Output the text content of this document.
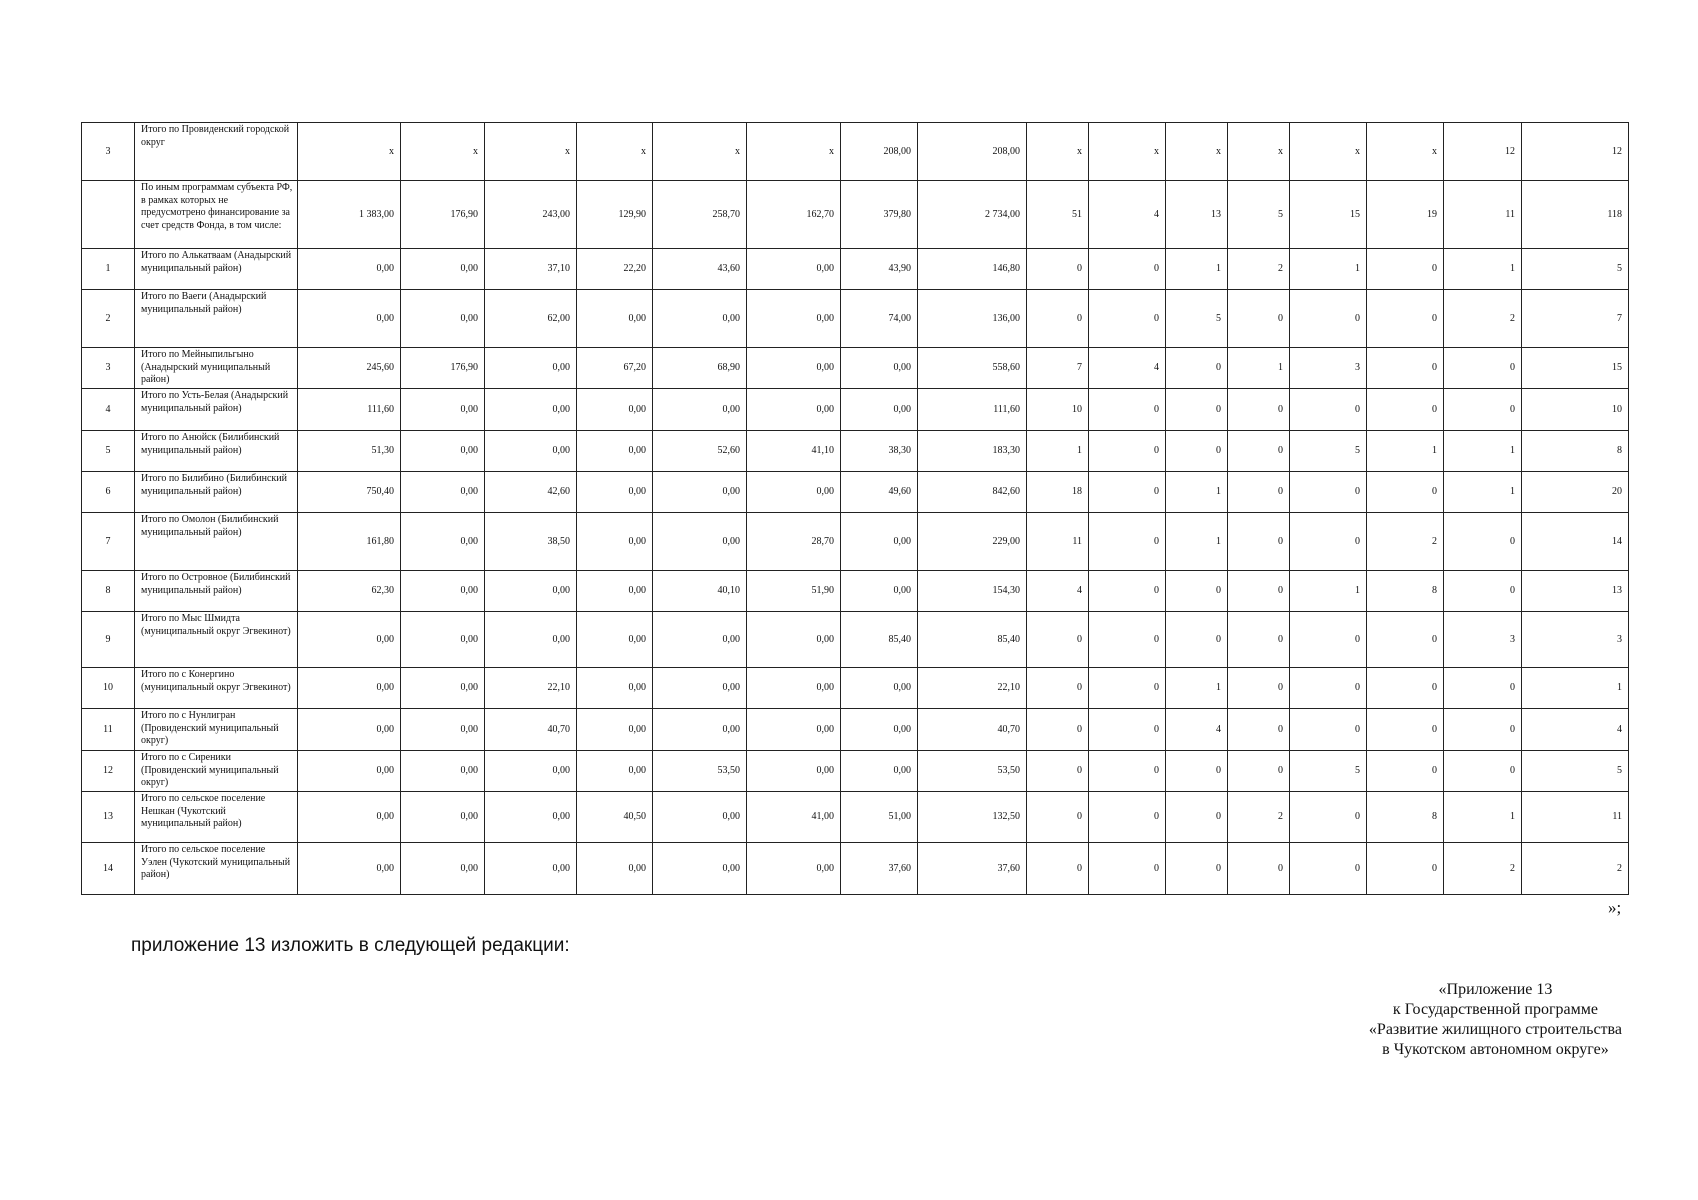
3	Итого по Провиденский городской округ	x	x	x	x	x	x	208,00	208,00	x	x	x	x	x	x	12	12
	По иным программам субъекта РФ, в рамках которых не предусмотрено финансирование за счет средств Фонда, в том числе:	1 383,00	176,90	243,00	129,90	258,70	162,70	379,80	2 734,00	51	4	13	5	15	19	11	118
1	Итого по Алькатваам (Анадырский муниципальный район)	0,00	0,00	37,10	22,20	43,60	0,00	43,90	146,80	0	0	1	2	1	0	1	5
2	Итого по Ваеги (Анадырский муниципальный район)	0,00	0,00	62,00	0,00	0,00	0,00	74,00	136,00	0	0	5	0	0	0	2	7
3	Итого по Мейныпильгыно (Анадырский муниципальный район)	245,60	176,90	0,00	67,20	68,90	0,00	0,00	558,60	7	4	0	1	3	0	0	15
4	Итого по Усть-Белая (Анадырский муниципальный район)	111,60	0,00	0,00	0,00	0,00	0,00	0,00	111,60	10	0	0	0	0	0	0	10
5	Итого по Анюйск (Билибинский муниципальный район)	51,30	0,00	0,00	0,00	52,60	41,10	38,30	183,30	1	0	0	0	5	1	1	8
6	Итого по Билибино (Билибинский муниципальный район)	750,40	0,00	42,60	0,00	0,00	0,00	49,60	842,60	18	0	1	0	0	0	1	20
7	Итого по Омолон (Билибинский муниципальный район)	161,80	0,00	38,50	0,00	0,00	28,70	0,00	229,00	11	0	1	0	0	2	0	14
8	Итого по Островное (Билибинский муниципальный район)	62,30	0,00	0,00	0,00	40,10	51,90	0,00	154,30	4	0	0	0	1	8	0	13
9	Итого по Мыс Шмидта (муниципальный округ Эгвекинот)	0,00	0,00	0,00	0,00	0,00	0,00	85,40	85,40	0	0	0	0	0	0	3	3
10	Итого по с Конергино (муниципальный округ Эгвекинот)	0,00	0,00	22,10	0,00	0,00	0,00	0,00	22,10	0	0	1	0	0	0	0	1
11	Итого по с Нунлигран (Провиденский муниципальный округ)	0,00	0,00	40,70	0,00	0,00	0,00	0,00	40,70	0	0	4	0	0	0	0	4
12	Итого по с Сиреники (Провиденский муниципальный округ)	0,00	0,00	0,00	0,00	53,50	0,00	0,00	53,50	0	0	0	0	5	0	0	5
13	Итого по сельское поселение Нешкан (Чукотский муниципальный район)	0,00	0,00	0,00	40,50	0,00	41,00	51,00	132,50	0	0	0	2	0	8	1	11
14	Итого по сельское поселение Уэлен (Чукотский муниципальный район)	0,00	0,00	0,00	0,00	0,00	0,00	37,60	37,60	0	0	0	0	0	0	2	2
»;
приложение 13 изложить в следующей редакции:
«Приложение 13
к Государственной программе
«Развитие жилищного строительства
в Чукотском автономном округе»
